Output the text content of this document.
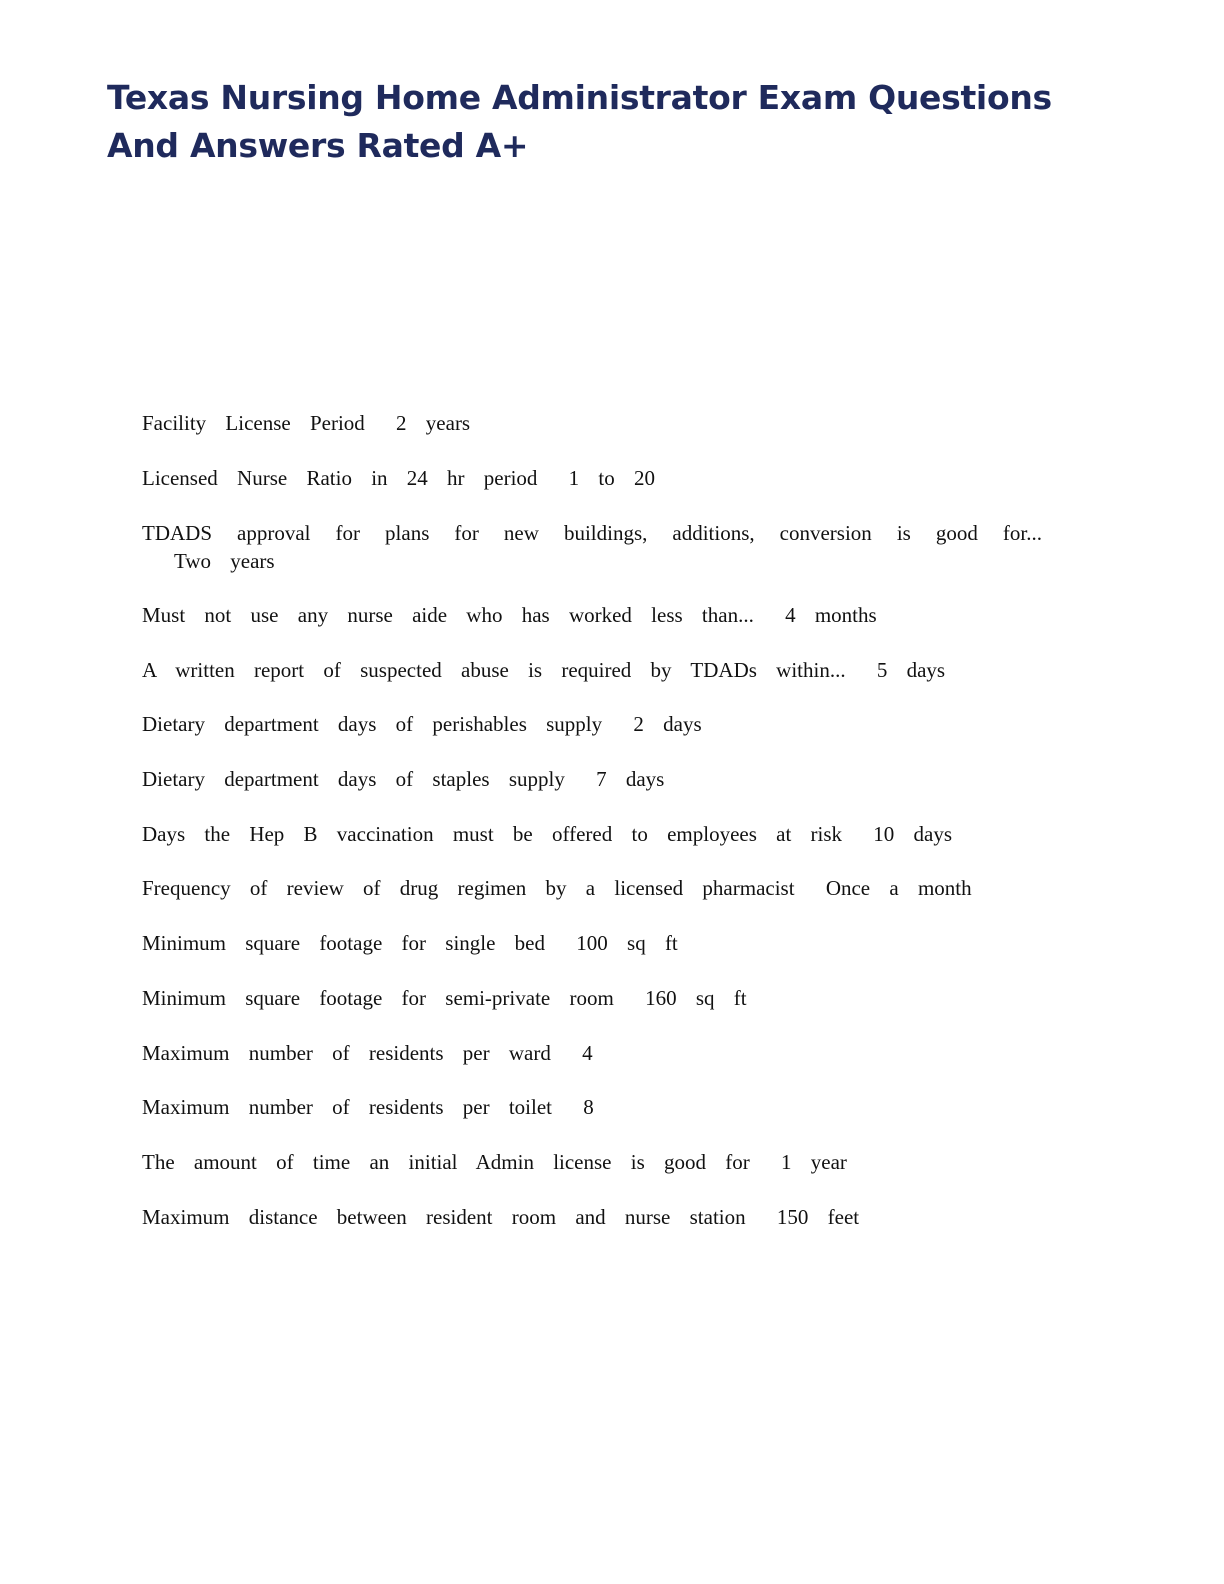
Texas Nursing Home Administrator Exam Questions And Answers Rated A+
Facility License Period 2 years
Licensed Nurse Ratio in 24 hr period 1 to 20
TDADS approval for plans for new buildings, additions, conversion is good for... Two years
Must not use any nurse aide who has worked less than... 4 months
A written report of suspected abuse is required by TDADs within... 5 days
Dietary department days of perishables supply 2 days
Dietary department days of staples supply 7 days
Days the Hep B vaccination must be offered to employees at risk 10 days
Frequency of review of drug regimen by a licensed pharmacist Once a month
Minimum square footage for single bed 100 sq ft
Minimum square footage for semi-private room 160 sq ft
Maximum number of residents per ward 4
Maximum number of residents per toilet 8
The amount of time an initial Admin license is good for 1 year
Maximum distance between resident room and nurse station 150 feet
